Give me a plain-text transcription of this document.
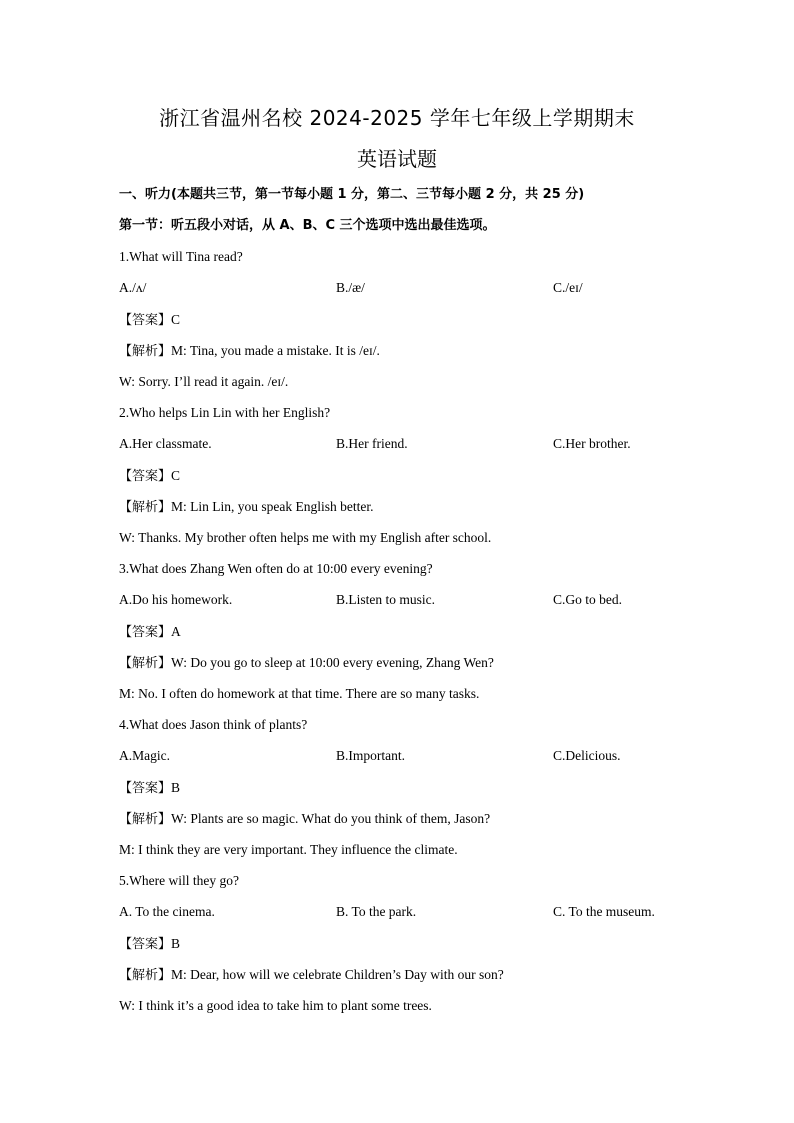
浙江省温州名校 2024-2025 学年七年级上学期期末
英语试题
一、听力(本题共三节，第一节每小题 1 分，第二、三节每小题 2 分，共 25 分)
第一节：听五段小对话，从 A、B、C 三个选项中选出最佳选项。
1.What will Tina read?
A./ʌ/	B./æ/	C./eɪ/
【答案】C
【解析】M: Tina, you made a mistake. It is /eɪ/.
W: Sorry. I’ll read it again. /eɪ/.
2.Who helps Lin Lin with her English?
A.Her classmate.	B.Her friend.	C.Her brother.
【答案】C
【解析】M: Lin Lin, you speak English better.
W: Thanks. My brother often helps me with my English after school.
3.What does Zhang Wen often do at 10:00 every evening?
A.Do his homework.	B.Listen to music.	C.Go to bed.
【答案】A
【解析】W: Do you go to sleep at 10:00 every evening, Zhang Wen?
M: No. I often do homework at that time. There are so many tasks.
4.What does Jason think of plants?
A.Magic.	B.Important.	C.Delicious.
【答案】B
【解析】W: Plants are so magic. What do you think of them, Jason?
M: I think they are very important. They influence the climate.
5.Where will they go?
A. To the cinema.	B. To the park.	C. To the museum.
【答案】B
【解析】M: Dear, how will we celebrate Children’s Day with our son?
W: I think it’s a good idea to take him to plant some trees.
